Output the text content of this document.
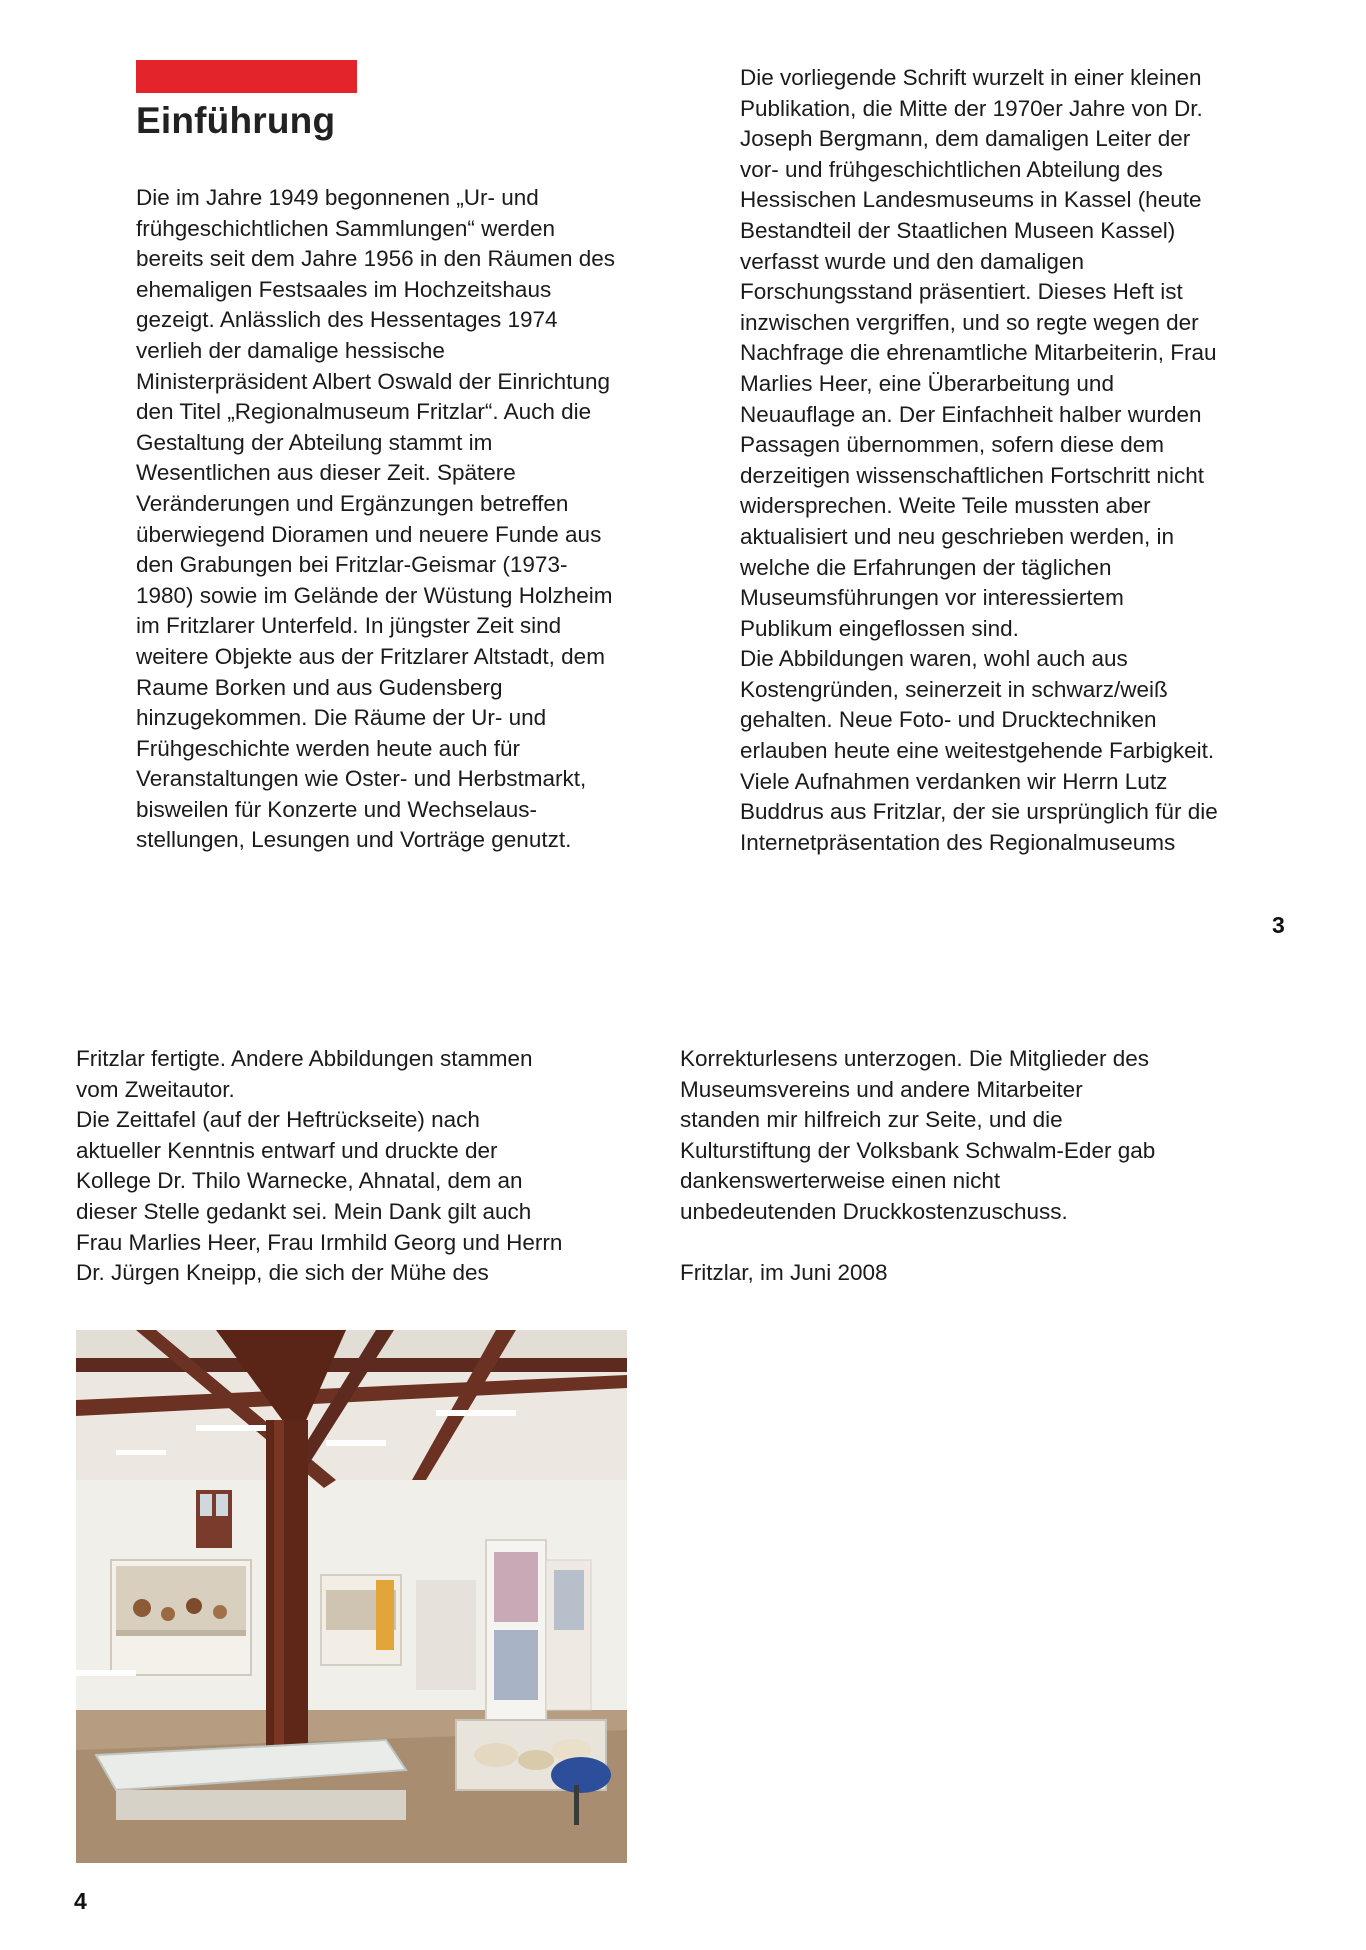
Einführung

Die im Jahre 1949 begonnenen „Ur- und
frühgeschichtlichen Sammlungen“ werden
bereits seit dem Jahre 1956 in den Räumen des
ehemaligen Festsaales im Hochzeitshaus
gezeigt. Anlässlich des Hessentages 1974
verlieh der damalige hessische
Ministerpräsident Albert Oswald der Einrichtung
den Titel „Regionalmuseum Fritzlar“. Auch die
Gestaltung der Abteilung stammt im
Wesentlichen aus dieser Zeit. Spätere
Veränderungen und Ergänzungen betreffen
überwiegend Dioramen und neuere Funde aus
den Grabungen bei Fritzlar-Geismar (1973-
1980) sowie im Gelände der Wüstung Holzheim
im Fritzlarer Unterfeld. In jüngster Zeit sind
weitere Objekte aus der Fritzlarer Altstadt, dem
Raume Borken und aus Gudensberg
hinzugekommen. Die Räume der Ur- und
Frühgeschichte werden heute auch für
Veranstaltungen wie Oster- und Herbstmarkt,
bisweilen für Konzerte und Wechselaus-
stellungen, Lesungen und Vorträge genutzt.

Die vorliegende Schrift wurzelt in einer kleinen
Publikation, die Mitte der 1970er Jahre von Dr.
Joseph Bergmann, dem damaligen Leiter der
vor- und frühgeschichtlichen Abteilung des
Hessischen Landesmuseums in Kassel (heute
Bestandteil der Staatlichen Museen Kassel)
verfasst wurde und den damaligen
Forschungsstand präsentiert. Dieses Heft ist
inzwischen vergriffen, und so regte wegen der
Nachfrage die ehrenamtliche Mitarbeiterin, Frau
Marlies Heer, eine Überarbeitung und
Neuauflage an. Der Einfachheit halber wurden
Passagen übernommen, sofern diese dem
derzeitigen wissenschaftlichen Fortschritt nicht
widersprechen. Weite Teile mussten aber
aktualisiert und neu geschrieben werden, in
welche die Erfahrungen der täglichen
Museumsführungen vor interessiertem
Publikum eingeflossen sind.
Die Abbildungen waren, wohl auch aus
Kostengründen, seinerzeit in schwarz/weiß
gehalten. Neue Foto- und Drucktechniken
erlauben heute eine weitestgehende Farbigkeit.
Viele Aufnahmen verdanken wir Herrn Lutz
Buddrus aus Fritzlar, der sie ursprünglich für die
Internetpräsentation des Regionalmuseums

3

Fritzlar fertigte. Andere Abbildungen stammen
vom Zweitautor.
Die Zeittafel (auf der Heftrückseite) nach
aktueller Kenntnis entwarf und druckte der
Kollege Dr. Thilo Warnecke, Ahnatal, dem an
dieser Stelle gedankt sei. Mein Dank gilt auch
Frau Marlies Heer, Frau Irmhild Georg und Herrn
Dr. Jürgen Kneipp, die sich der Mühe des

Korrekturlesens unterzogen. Die Mitglieder des
Museumsvereins und andere Mitarbeiter
standen mir hilfreich zur Seite, und die
Kulturstiftung der Volksbank Schwalm-Eder gab
dankenswerterweise einen nicht
unbedeutenden Druckkostenzuschuss.

Fritzlar, im Juni 2008

4
